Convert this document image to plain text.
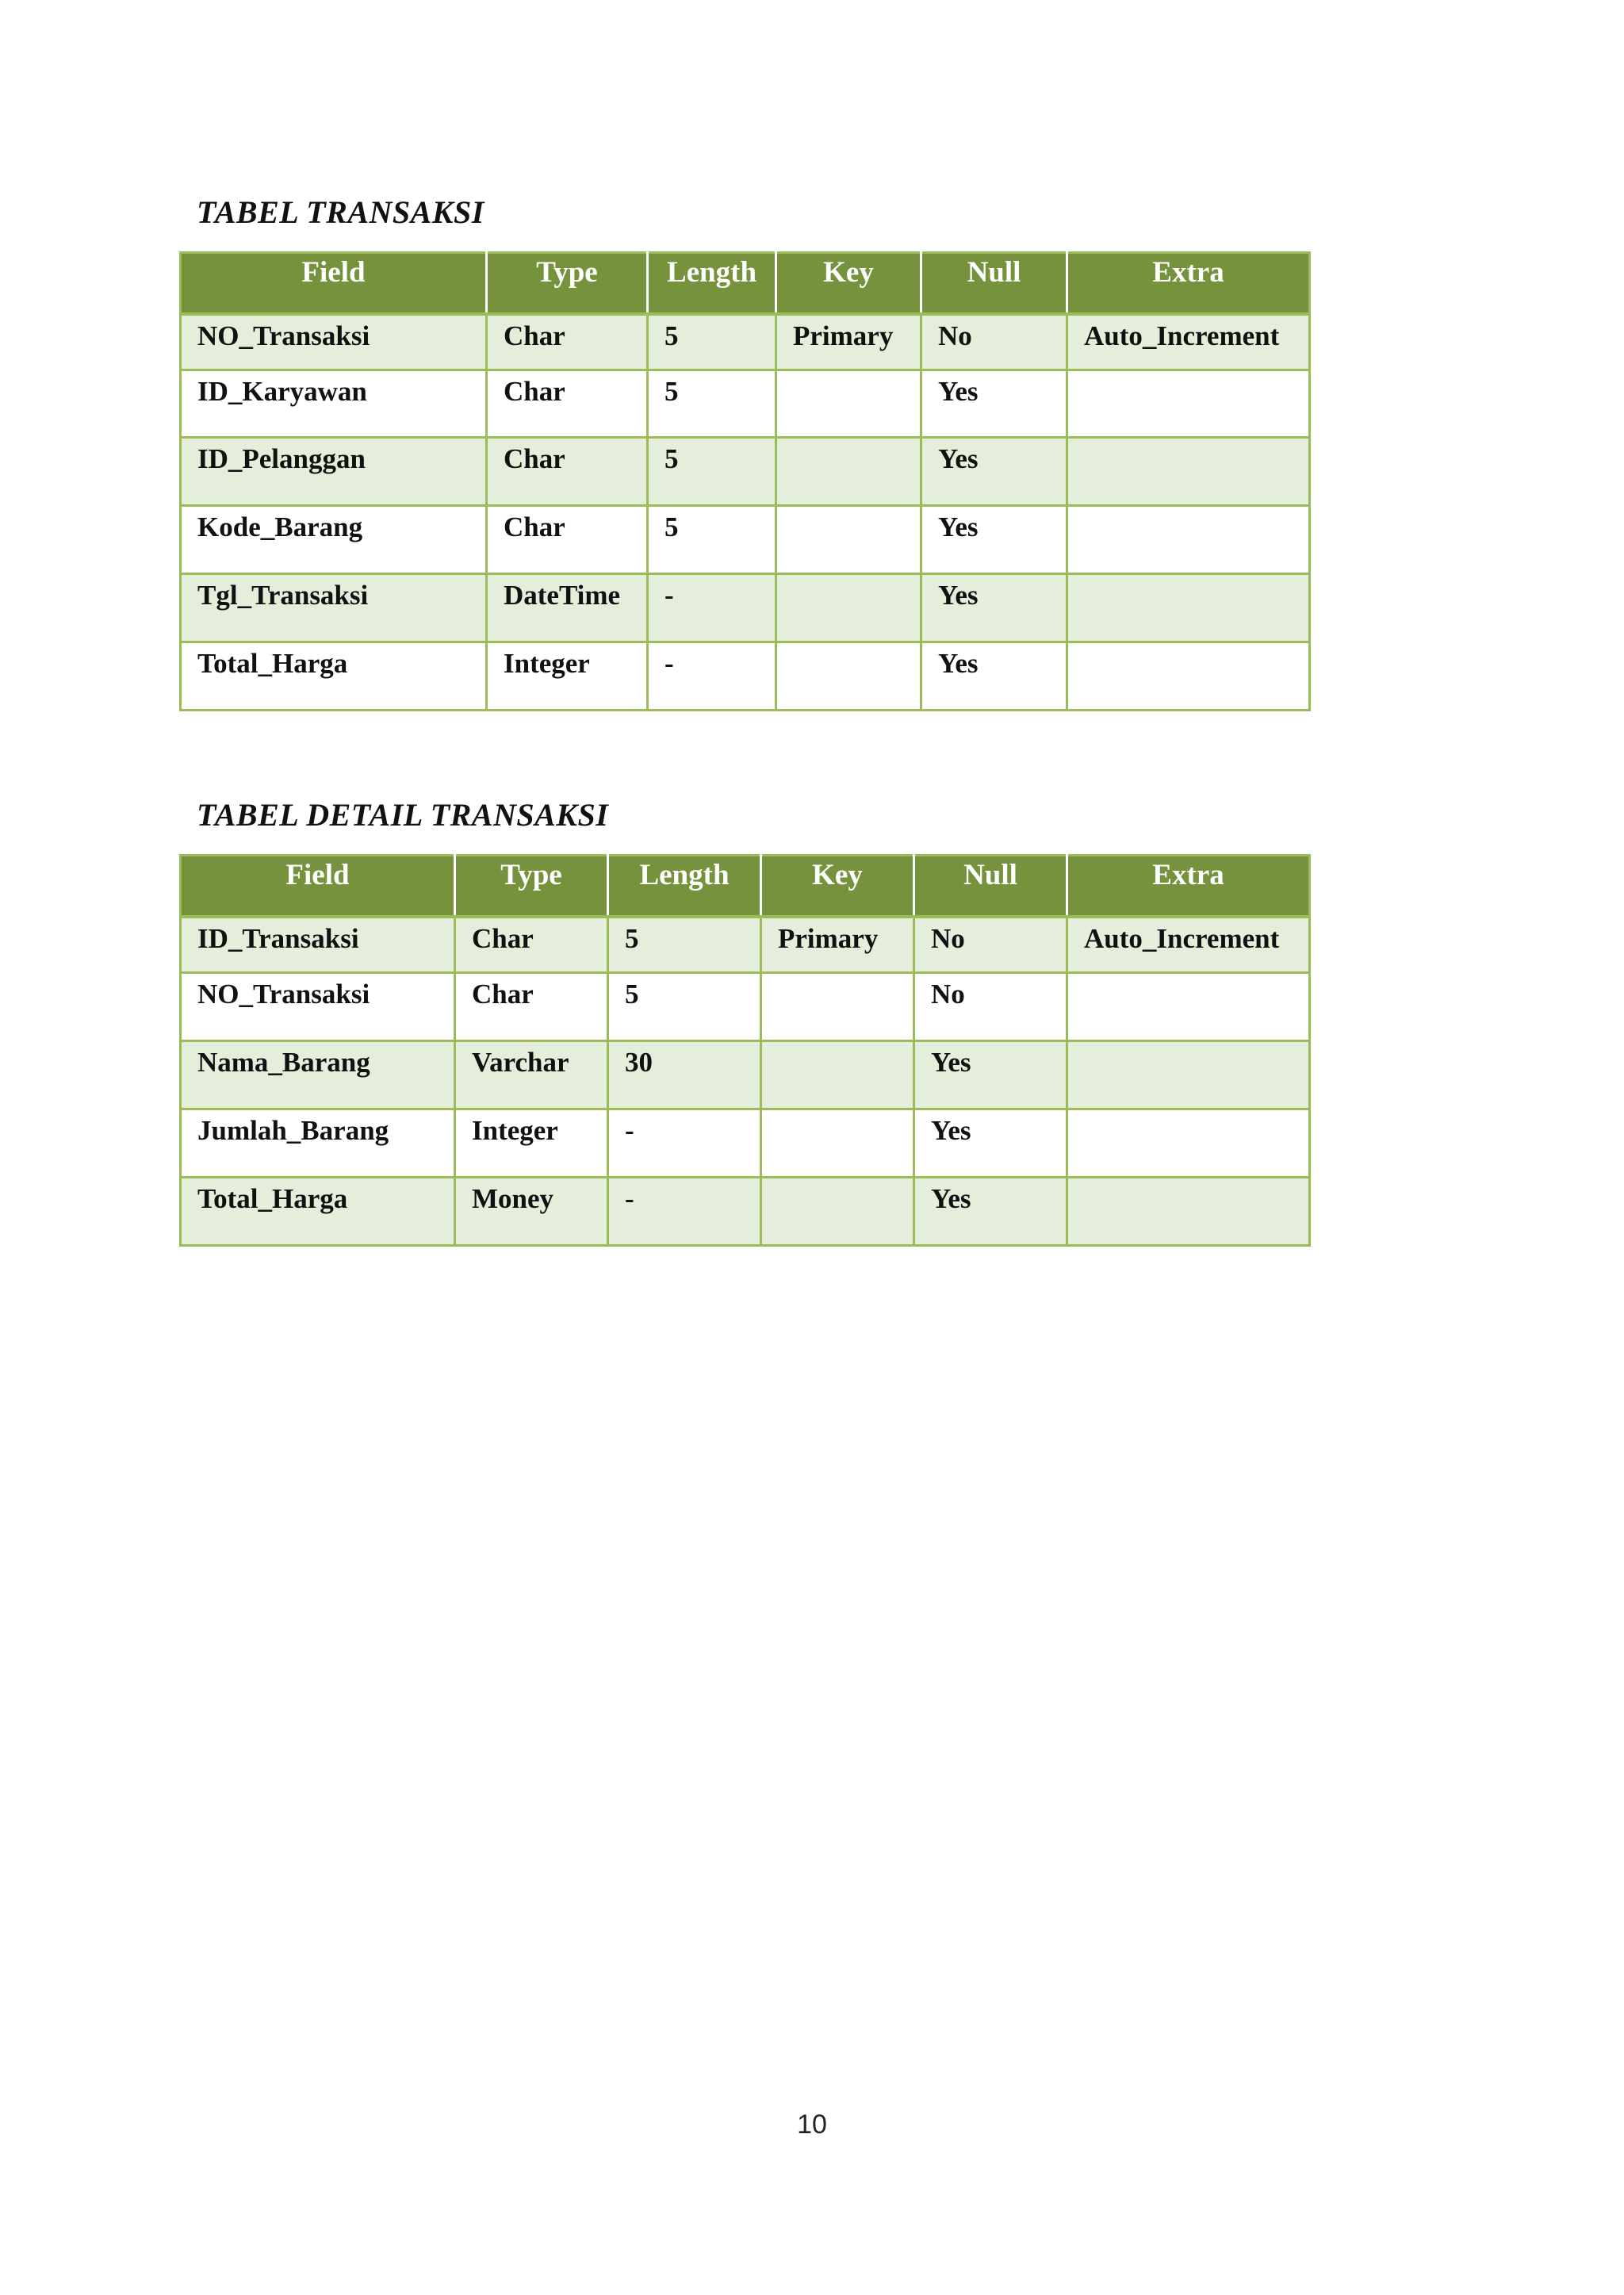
TABEL TRANSAKSI
Field	Type	Length	Key	Null	Extra
NO_Transaksi	Char	5	Primary	No	Auto_Increment
ID_Karyawan	Char	5		Yes	
ID_Pelanggan	Char	5		Yes	
Kode_Barang	Char	5		Yes	
Tgl_Transaksi	DateTime	-		Yes	
Total_Harga	Integer	-		Yes	
TABEL DETAIL TRANSAKSI
Field	Type	Length	Key	Null	Extra
ID_Transaksi	Char	5	Primary	No	Auto_Increment
NO_Transaksi	Char	5		No	
Nama_Barang	Varchar	30		Yes	
Jumlah_Barang	Integer	-		Yes	
Total_Harga	Money	-		Yes	
10
